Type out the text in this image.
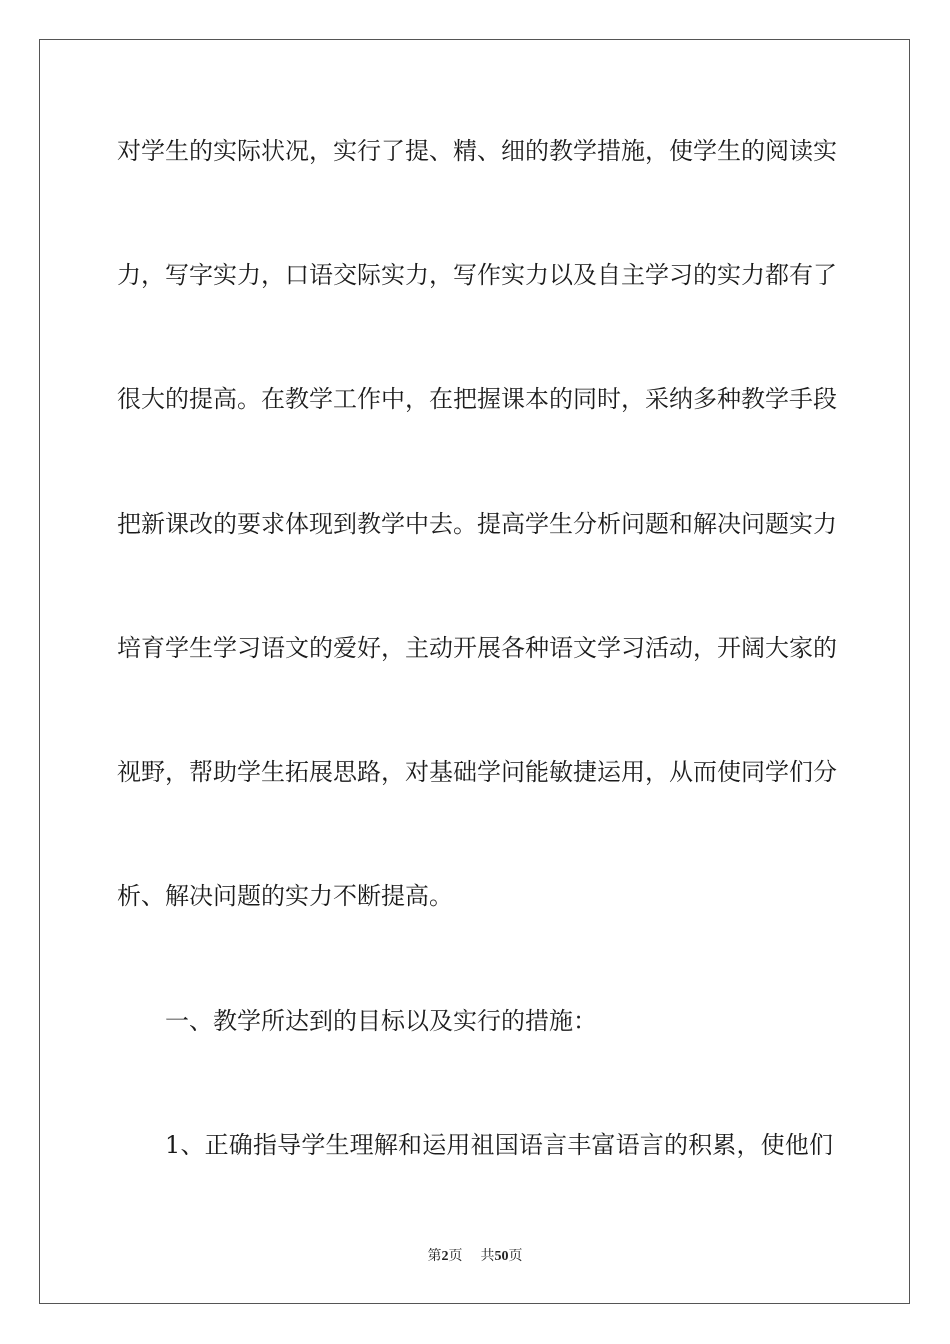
对学生的实际状况，实行了提、精、细的教学措施，使学生的阅读实
力，写字实力，口语交际实力，写作实力以及自主学习的实力都有了
很大的提高。在教学工作中，在把握课本的同时，采纳多种教学手段
把新课改的要求体现到教学中去。提高学生分析问题和解决问题实力
培育学生学习语文的爱好，主动开展各种语文学习活动，开阔大家的
视野，帮助学生拓展思路，对基础学问能敏捷运用，从而使同学们分
析、解决问题的实力不断提高。
一、教学所达到的目标以及实行的措施：
1、正确指导学生理解和运用祖国语言丰富语言的积累，使他们
第2页 共50页
